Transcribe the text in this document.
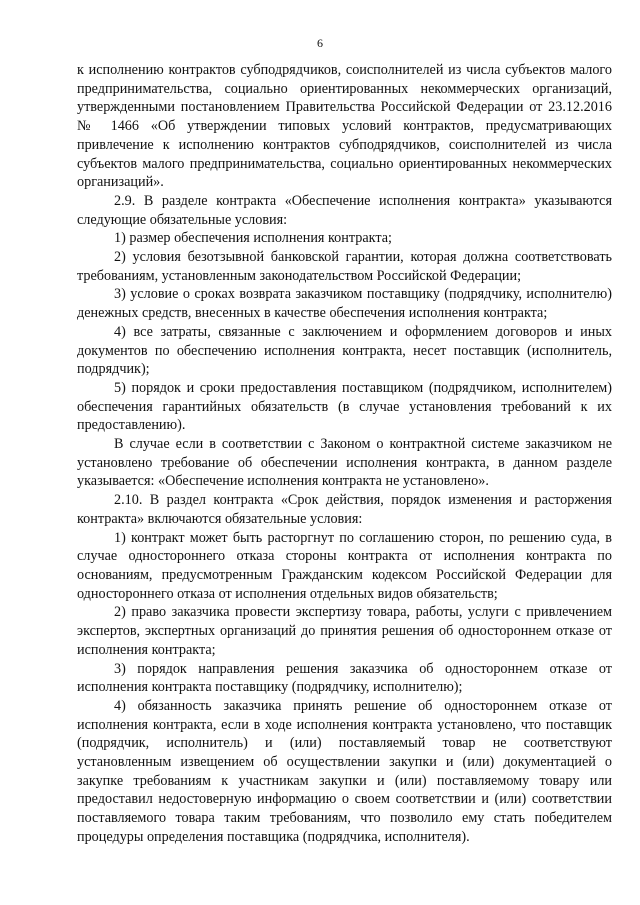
6

к исполнению контрактов субподрядчиков, соисполнителей из числа субъектов малого предпринимательства, социально ориентированных некоммерческих организаций, утвержденными постановлением Правительства Российской Федерации от 23.12.2016 № 1466 «Об утверждении типовых условий контрактов, предусматривающих привлечение к исполнению контрактов субподрядчиков, соисполнителей из числа субъектов малого предпринимательства, социально ориентированных некоммерческих организаций».

2.9. В разделе контракта «Обеспечение исполнения контракта» указываются следующие обязательные условия:

1) размер обеспечения исполнения контракта;

2) условия безотзывной банковской гарантии, которая должна соответствовать требованиям, установленным законодательством Российской Федерации;

3) условие о сроках возврата заказчиком поставщику (подрядчику, исполнителю) денежных средств, внесенных в качестве обеспечения исполнения контракта;

4) все затраты, связанные с заключением и оформлением договоров и иных документов по обеспечению исполнения контракта, несет поставщик (исполнитель, подрядчик);

5) порядок и сроки предоставления поставщиком (подрядчиком, исполнителем) обеспечения гарантийных обязательств (в случае установления требований к их предоставлению).

В случае если в соответствии с Законом о контрактной системе заказчиком не установлено требование об обеспечении исполнения контракта, в данном разделе указывается: «Обеспечение исполнения контракта не установлено».

2.10. В раздел контракта «Срок действия, порядок изменения и расторжения контракта» включаются обязательные условия:

1) контракт может быть расторгнут по соглашению сторон, по решению суда, в случае одностороннего отказа стороны контракта от исполнения контракта по основаниям, предусмотренным Гражданским кодексом Российской Федерации для одностороннего отказа от исполнения отдельных видов обязательств;

2) право заказчика провести экспертизу товара, работы, услуги с привлечением экспертов, экспертных организаций до принятия решения об одностороннем отказе от исполнения контракта;

3) порядок направления решения заказчика об одностороннем отказе от исполнения контракта поставщику (подрядчику, исполнителю);

4) обязанность заказчика принять решение об одностороннем отказе от исполнения контракта, если в ходе исполнения контракта установлено, что поставщик (подрядчик, исполнитель) и (или) поставляемый товар не соответствуют установленным извещением об осуществлении закупки и (или) документацией о закупке требованиям к участникам закупки и (или) поставляемому товару или предоставил недостоверную информацию о своем соответствии и (или) соответствии поставляемого товара таким требованиям, что позволило ему стать победителем процедуры определения поставщика (подрядчика, исполнителя).
